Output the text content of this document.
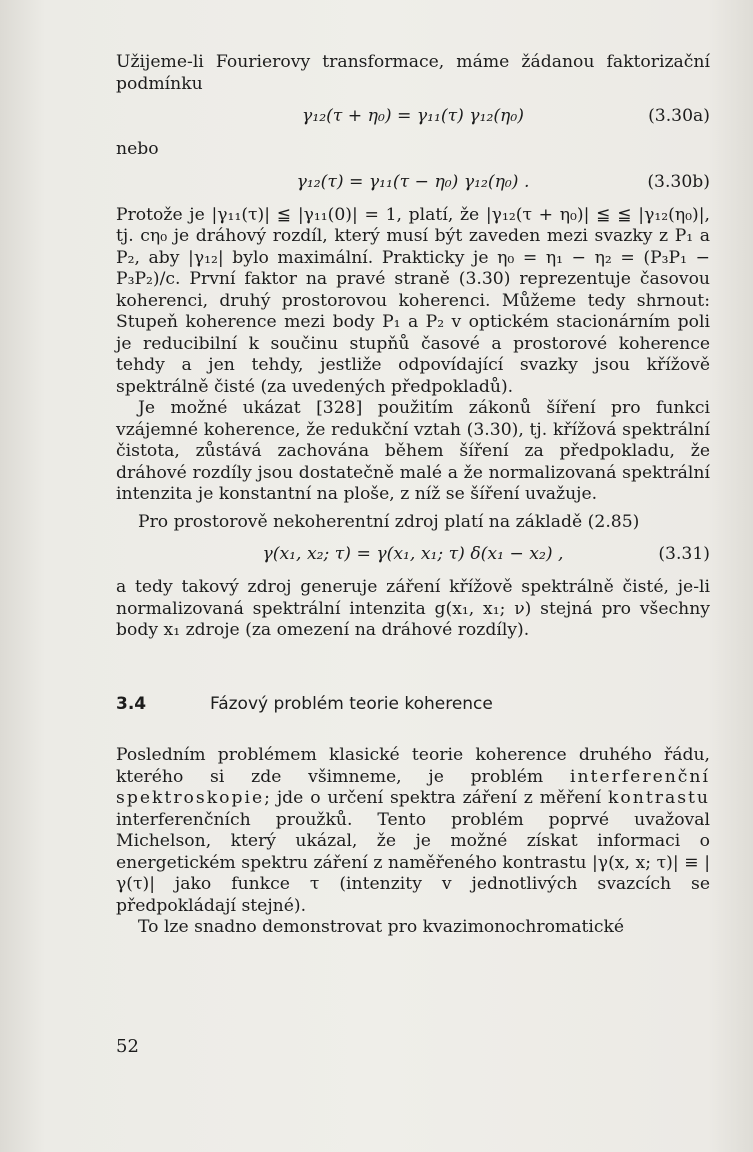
Užijeme-li Fourierovy transformace, máme žádanou faktorizační podmínku

γ₁₂(τ + η₀) = γ₁₁(τ) γ₁₂(η₀)	(3.30a)

nebo

γ₁₂(τ) = γ₁₁(τ − η₀) γ₁₂(η₀) .	(3.30b)

Protože je |γ₁₁(τ)| ≦ |γ₁₁(0)| = 1, platí, že |γ₁₂(τ + η₀)| ≦ ≦ |γ₁₂(η₀)|, tj. cη₀ je dráhový rozdíl, který musí být zaveden mezi svazky z P₁ a P₂, aby |γ₁₂| bylo maximální. Prakticky je η₀ = η₁ − η₂ = (P₃P₁ − P₃P₂)/c. První faktor na pravé straně (3.30) reprezentuje časovou koherenci, druhý prostorovou koherenci. Můžeme tedy shrnout: Stupeň koherence mezi body P₁ a P₂ v optickém stacionárním poli je reducibilní k součinu stupňů časové a prostorové koherence tehdy a jen tehdy, jestliže odpovídající svazky jsou křížově spektrálně čisté (za uvedených předpokladů).

Je možné ukázat [328] použitím zákonů šíření pro funkci vzájemné koherence, že redukční vztah (3.30), tj. křížová spektrální čistota, zůstává zachována během šíření za předpokladu, že dráhové rozdíly jsou dostatečně malé a že normalizovaná spektrální intenzita je konstantní na ploše, z níž se šíření uvažuje.

Pro prostorově nekoherentní zdroj platí na základě (2.85)

γ(x₁, x₂; τ) = γ(x₁, x₁; τ) δ(x₁ − x₂) ,	(3.31)

a tedy takový zdroj generuje záření křížově spektrálně čisté, je-li normalizovaná spektrální intenzita g(x₁, x₁; ν) stejná pro všechny body x₁ zdroje (za omezení na dráhové rozdíly).

3.4	Fázový problém teorie koherence

Posledním problémem klasické teorie koherence druhého řádu, kterého si zde všimneme, je problém interferenční spektroskopie; jde o určení spektra záření z měření kontrastu interferenčních proužků. Tento problém poprvé uvažoval Michelson, který ukázal, že je možné získat informaci o energetickém spektru záření z naměřeného kontrastu |γ(x, x; τ)| ≡ |γ(τ)| jako funkce τ (intenzity v jednotlivých svazcích se předpokládají stejné).

To lze snadno demonstrovat pro kvazimonochromatické

52
